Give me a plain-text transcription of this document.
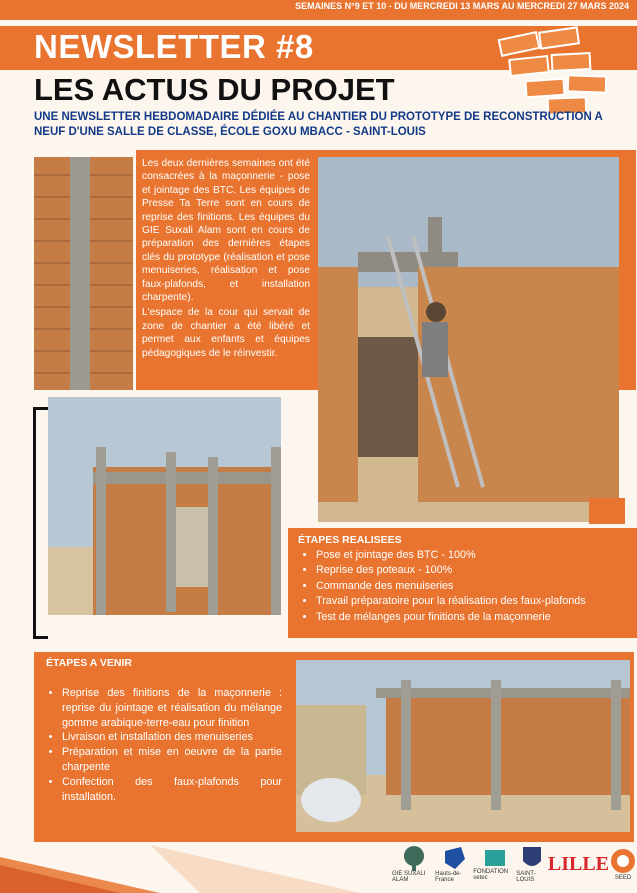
SEMAINES N°9 ET 10 - DU MERCREDI 13 MARS AU MERCREDI 27 MARS 2024
NEWSLETTER #8
LES ACTUS DU PROJET
UNE NEWSLETTER HEBDOMADAIRE DÉDIÉE AU CHANTIER DU PROTOTYPE DE RECONSTRUCTION A NEUF D'UNE SALLE DE CLASSE, ÉCOLE GOXU MBACC - SAINT-LOUIS

Les deux dernières semaines ont été consacrées à la maçonnerie - pose et jointage des BTC. Les équipes de Presse Ta Terre sont en cours de reprise des finitions. Les équipes du GIE Suxali Alam sont en cours de préparation des dernières étapes clés du prototype (réalisation et pose menuiseries, réalisation et pose faux-plafonds, et installation charpente).

L'espace de la cour qui servait de zone de chantier a été libéré et permet aux enfants et équipes pédagogiques de le réinvestir.

ÉTAPES REALISEES
• Pose et jointage des BTC - 100%
• Reprise des poteaux - 100%
• Commande des menuiseries
• Travail préparatoire pour la réalisation des faux-plafonds
• Test de mélanges pour finitions de la maçonnerie
ÉTAPES A VENIR
• Reprise des finitions de la maçonnerie : reprise du jointage et réalisation du mélange gomme arabique-terre-eau pour finition
• Livraison et installation des menuiseries
• Préparation et mise en oeuvre de la partie charpente
• Confection des faux-plafonds pour installation.
GIE SUXALI ALAM
Hauts-de-France
FONDATION setec
SAINT-LOUIS
LILLE
SEED
